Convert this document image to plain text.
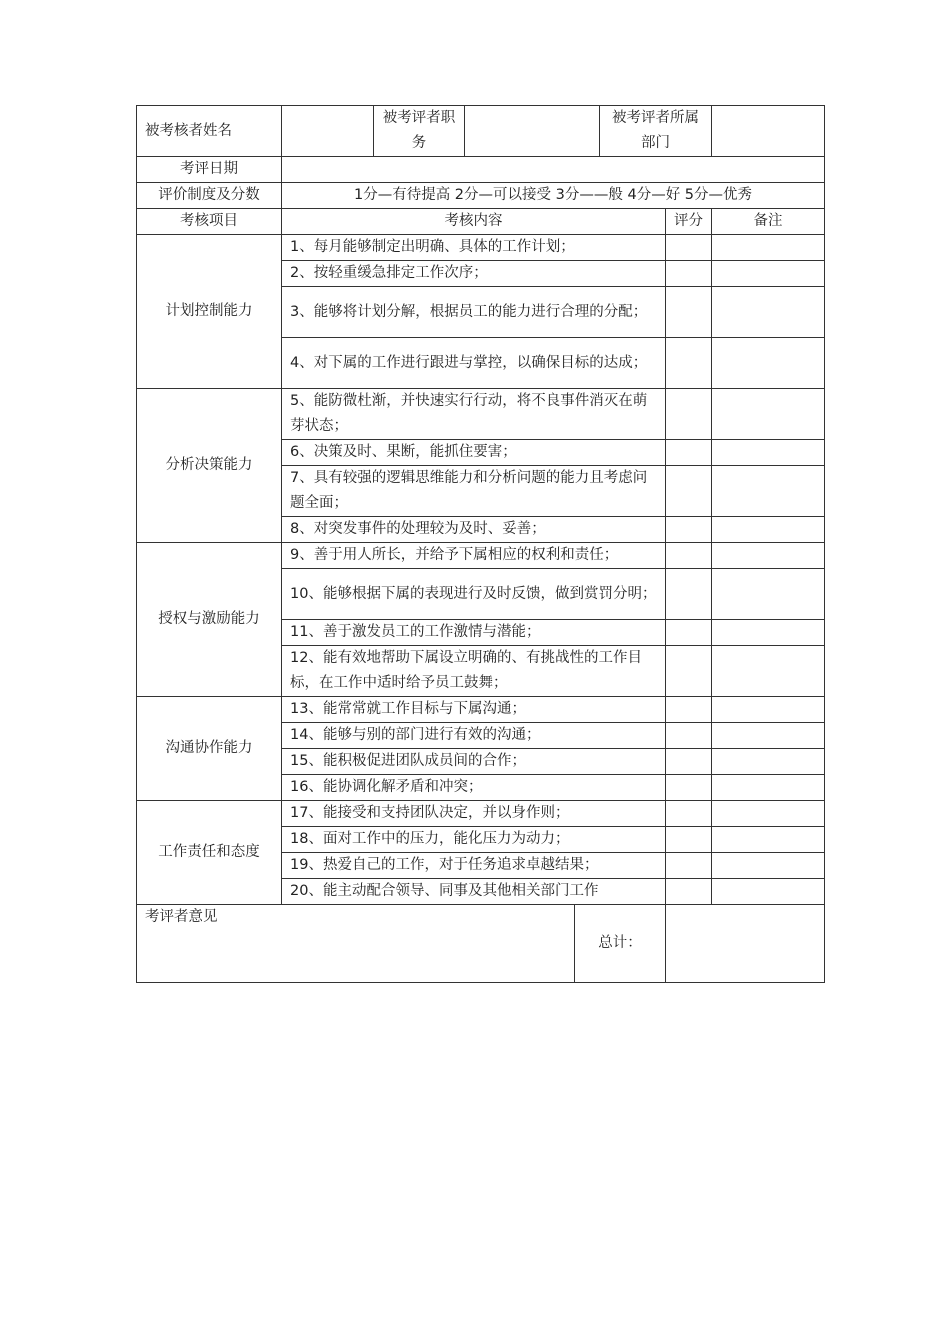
被考核者姓名		被考评者职务			被考评者所属部门		
考评日期							
评价制度及分数	1分—有待提高 2分—可以接受 3分——般 4分—好 5分—优秀						
考核项目	考核内容					评分	备注
计划控制能力	1、每月能够制定出明确、具体的工作计划；						
	2、按轻重缓急排定工作次序；						
	3、能够将计划分解，根据员工的能力进行合理的分配；						
	4、对下属的工作进行跟进与掌控，以确保目标的达成；						
分析决策能力	5、能防微杜渐，并快速实行行动，将不良事件消灭在萌芽状态；						
	6、决策及时、果断，能抓住要害；						
	7、具有较强的逻辑思维能力和分析问题的能力且考虑问题全面；						
	8、对突发事件的处理较为及时、妥善；						
授权与激励能力	9、善于用人所长，并给予下属相应的权利和责任；						
	10、能够根据下属的表现进行及时反馈，做到赏罚分明；						
	11、善于激发员工的工作激情与潜能；						
	12、能有效地帮助下属设立明确的、有挑战性的工作目标，在工作中适时给予员工鼓舞；						
沟通协作能力	13、能常常就工作目标与下属沟通；						
	14、能够与别的部门进行有效的沟通；						
	15、能积极促进团队成员间的合作；						
	16、能协调化解矛盾和冲突；						
工作责任和态度	17、能接受和支持团队决定，并以身作则；						
	18、面对工作中的压力，能化压力为动力；						
	19、热爱自己的工作，对于任务追求卓越结果；						
	20、能主动配合领导、同事及其他相关部门工作						
考评者意见				总计：			
